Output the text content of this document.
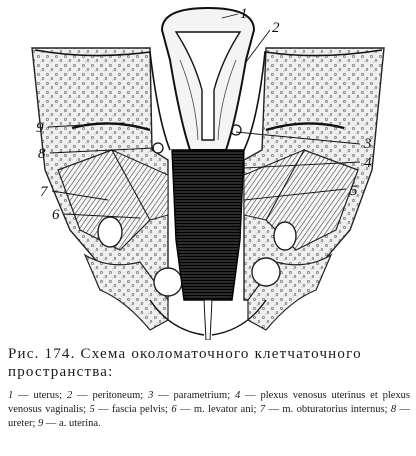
1
2
3
4
5
6
7
8
9

Рис. 174. Схема околоматочного клетчаточного
пространства:

1 — uterus; 2 — peritoneum; 3 — parametrium; 4 — plexus venosus uterinus et plexus venosus vaginalis; 5 — fascia pelvis; 6 — m. levator ani; 7 — m. obturatorius internus; 8 — ureter; 9 — a. uterina.
